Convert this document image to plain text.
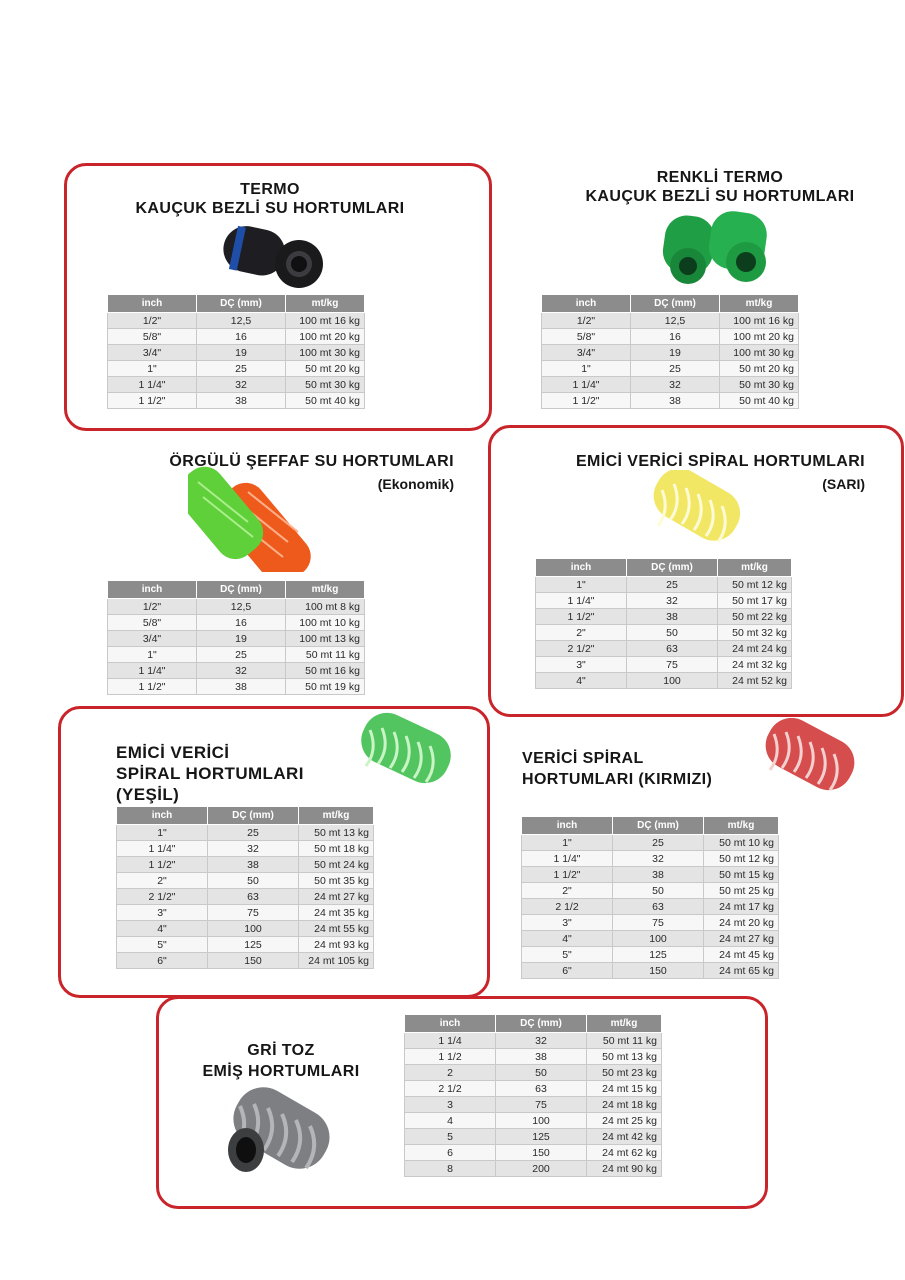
TERMO
KAUÇUK BEZLİ SU HORTUMLARI
inch	DÇ (mm)	mt/kg
1/2"	12,5	100 mt 16 kg
5/8"	16	100 mt 20 kg
3/4"	19	100 mt 30 kg
1"	25	50 mt 20 kg
1 1/4"	32	50 mt 30 kg
1 1/2"	38	50 mt 40 kg
RENKLİ TERMO
KAUÇUK BEZLİ SU HORTUMLARI
inch	DÇ (mm)	mt/kg
1/2"	12,5	100 mt 16 kg
5/8"	16	100 mt 20 kg
3/4"	19	100 mt 30 kg
1"	25	50 mt 20 kg
1 1/4"	32	50 mt 30 kg
1 1/2"	38	50 mt 40 kg
ÖRGÜLÜ ŞEFFAF SU HORTUMLARI
(Ekonomik)
inch	DÇ (mm)	mt/kg
1/2"	12,5	100 mt 8 kg
5/8"	16	100 mt 10 kg
3/4"	19	100 mt 13 kg
1"	25	50 mt 11 kg
1 1/4"	32	50 mt 16 kg
1 1/2"	38	50 mt 19 kg
EMİCİ VERİCİ SPİRAL HORTUMLARI
(SARI)
inch	DÇ (mm)	mt/kg
1"	25	50 mt 12 kg
1 1/4"	32	50 mt 17 kg
1 1/2"	38	50 mt 22 kg
2"	50	50 mt 32 kg
2 1/2"	63	24 mt 24 kg
3"	75	24 mt 32 kg
4"	100	24 mt 52 kg
EMİCİ VERİCİ
SPİRAL HORTUMLARI
(YEŞİL)
inch	DÇ (mm)	mt/kg
1"	25	50 mt 13 kg
1 1/4"	32	50 mt 18 kg
1 1/2"	38	50 mt 24 kg
2"	50	50 mt 35 kg
2 1/2"	63	24 mt 27 kg
3"	75	24 mt 35 kg
4"	100	24 mt 55 kg
5"	125	24 mt 93 kg
6"	150	24 mt 105 kg
VERİCİ SPİRAL
HORTUMLARI (KIRMIZI)
inch	DÇ (mm)	mt/kg
1"	25	50 mt 10 kg
1 1/4"	32	50 mt 12 kg
1 1/2"	38	50 mt 15 kg
2"	50	50 mt 25 kg
2 1/2	63	24 mt 17 kg
3"	75	24 mt 20 kg
4"	100	24 mt 27 kg
5"	125	24 mt 45 kg
6"	150	24 mt 65 kg
GRİ TOZ
EMİŞ HORTUMLARI
inch	DÇ (mm)	mt/kg
1 1/4	32	50 mt 11 kg
1 1/2	38	50 mt 13 kg
2	50	50 mt 23 kg
2 1/2	63	24 mt 15 kg
3	75	24 mt 18 kg
4	100	24 mt 25 kg
5	125	24 mt 42 kg
6	150	24 mt 62 kg
8	200	24 mt 90 kg
